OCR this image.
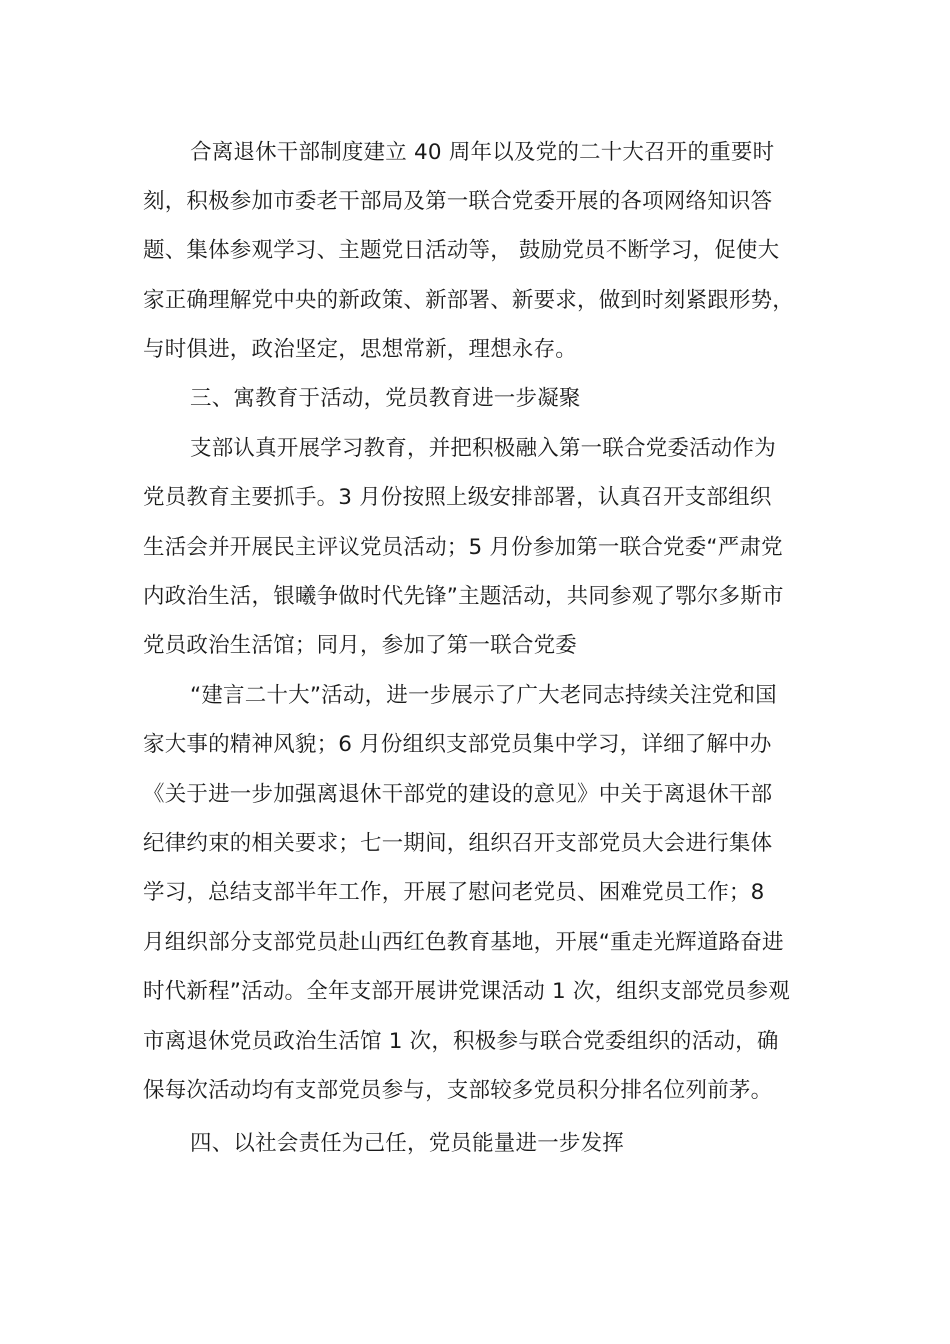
合离退休干部制度建立 40 周年以及党的二十大召开的重要时
刻，积极参加市委老干部局及第一联合党委开展的各项网络知识答
题、集体参观学习、主题党日活动等， 鼓励党员不断学习，促使大
家正确理解党中央的新政策、新部署、新要求，做到时刻紧跟形势，
与时俱进，政治坚定，思想常新，理想永存。
三、寓教育于活动，党员教育进一步凝聚
支部认真开展学习教育，并把积极融入第一联合党委活动作为
党员教育主要抓手。3 月份按照上级安排部署，认真召开支部组织
生活会并开展民主评议党员活动；5 月份参加第一联合党委“严肃党
内政治生活，银曦争做时代先锋”主题活动，共同参观了鄂尔多斯市
党员政治生活馆；同月，参加了第一联合党委
“建言二十大”活动，进一步展示了广大老同志持续关注党和国
家大事的精神风貌；6 月份组织支部党员集中学习，详细了解中办
《关于进一步加强离退休干部党的建设的意见》中关于离退休干部
纪律约束的相关要求；七一期间，组织召开支部党员大会进行集体
学习，总结支部半年工作，开展了慰问老党员、困难党员工作；8
月组织部分支部党员赴山西红色教育基地，开展“重走光辉道路奋进
时代新程”活动。全年支部开展讲党课活动 1 次，组织支部党员参观
市离退休党员政治生活馆 1 次，积极参与联合党委组织的活动，确
保每次活动均有支部党员参与，支部较多党员积分排名位列前茅。
四、以社会责任为己任，党员能量进一步发挥
